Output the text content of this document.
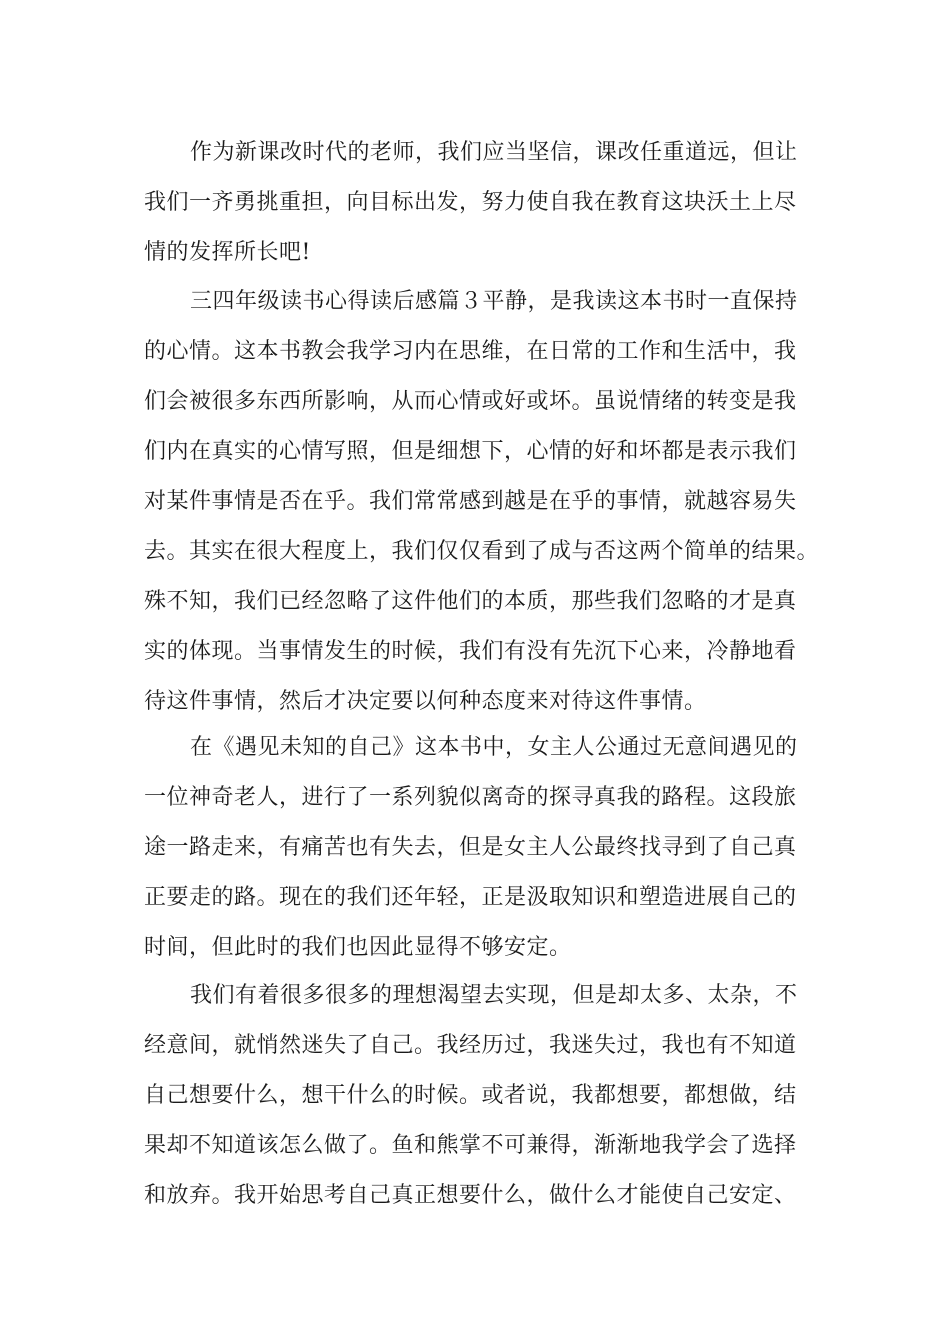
作为新课改时代的老师，我们应当坚信，课改任重道远，但让
我们一齐勇挑重担，向目标出发，努力使自我在教育这块沃土上尽
情的发挥所长吧!
三四年级读书心得读后感篇３平静，是我读这本书时一直保持
的心情。这本书教会我学习内在思维，在日常的工作和生活中，我
们会被很多东西所影响，从而心情或好或坏。虽说情绪的转变是我
们内在真实的心情写照，但是细想下，心情的好和坏都是表示我们
对某件事情是否在乎。我们常常感到越是在乎的事情，就越容易失
去。其实在很大程度上，我们仅仅看到了成与否这两个简单的结果。
殊不知，我们已经忽略了这件他们的本质，那些我们忽略的才是真
实的体现。当事情发生的时候，我们有没有先沉下心来，冷静地看
待这件事情，然后才决定要以何种态度来对待这件事情。
在《遇见未知的自己》这本书中，女主人公通过无意间遇见的
一位神奇老人，进行了一系列貌似离奇的探寻真我的路程。这段旅
途一路走来，有痛苦也有失去，但是女主人公最终找寻到了自己真
正要走的路。现在的我们还年轻，正是汲取知识和塑造进展自己的
时间，但此时的我们也因此显得不够安定。
我们有着很多很多的理想渴望去实现，但是却太多、太杂，不
经意间，就悄然迷失了自己。我经历过，我迷失过，我也有不知道
自己想要什么，想干什么的时候。或者说，我都想要，都想做，结
果却不知道该怎么做了。鱼和熊掌不可兼得，渐渐地我学会了选择
和放弃。我开始思考自己真正想要什么，做什么才能使自己安定、
